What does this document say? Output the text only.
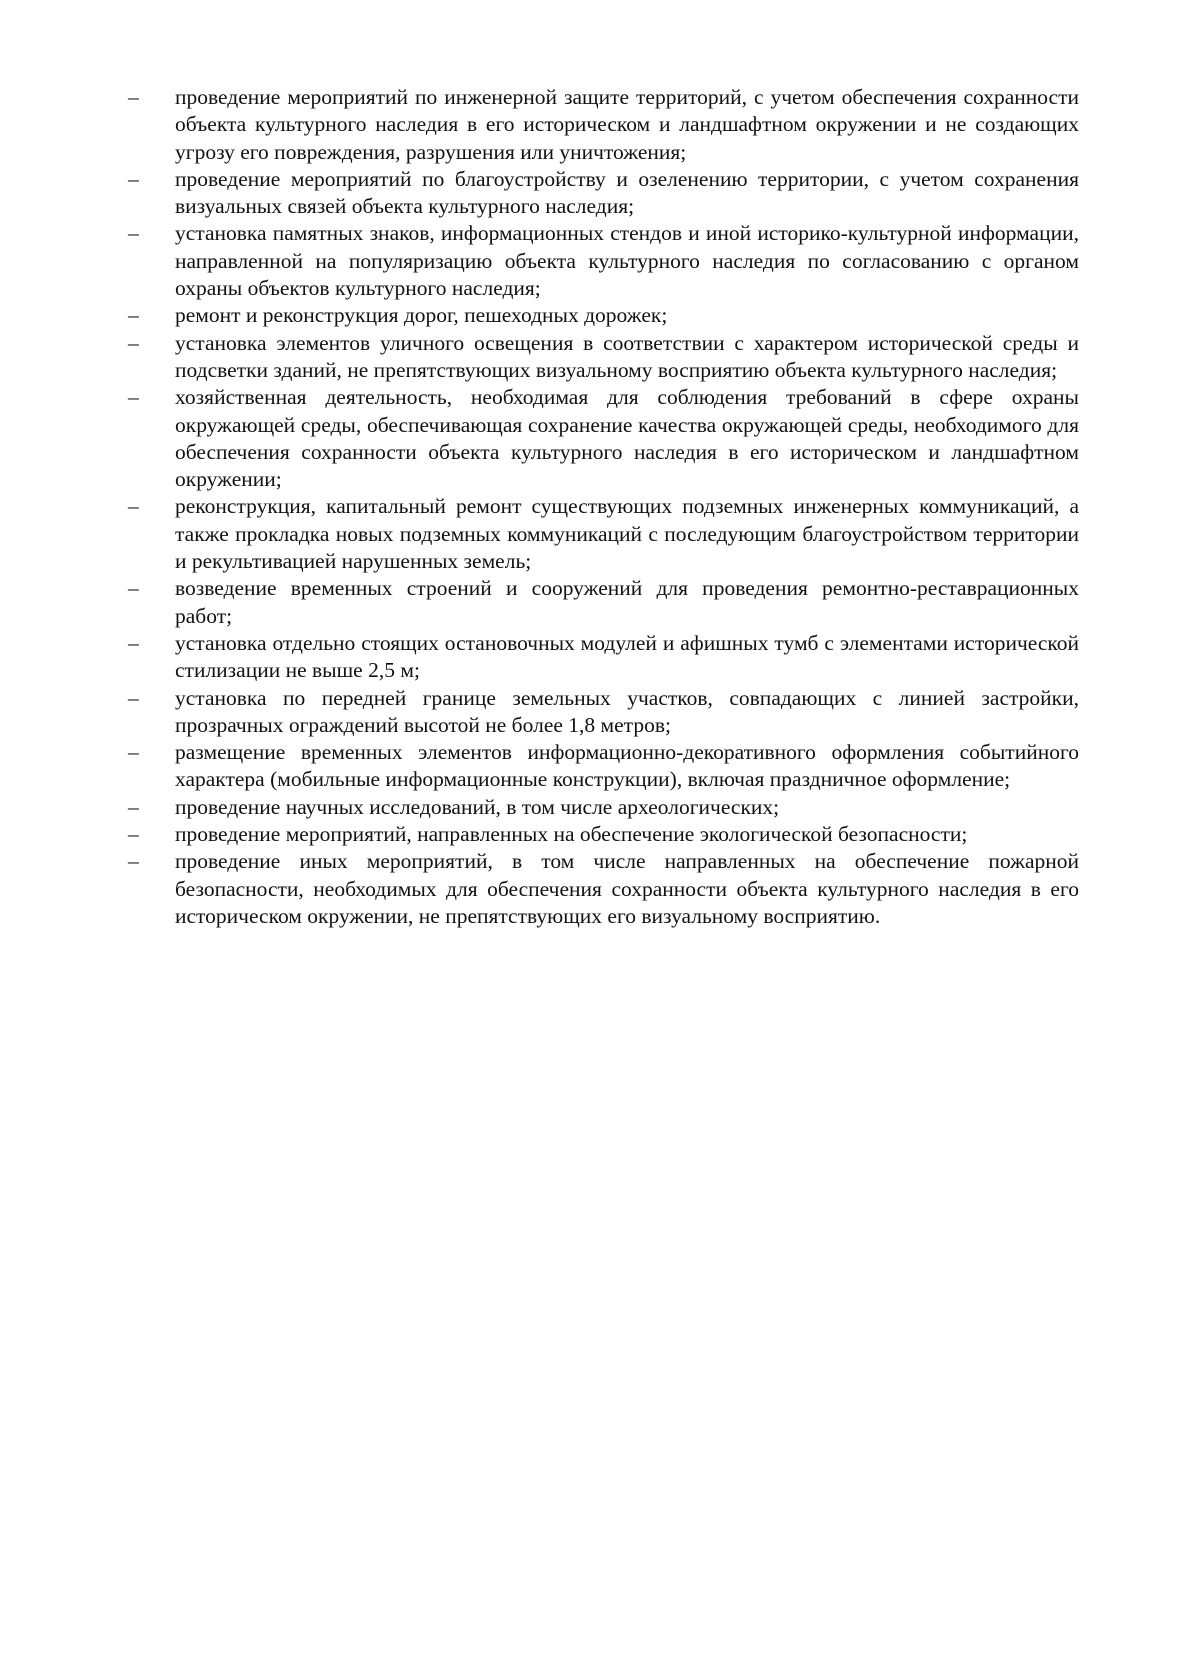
–	проведение мероприятий по инженерной защите территорий, с учетом обеспечения сохранности объекта культурного наследия в его историческом и ландшафтном окружении и не создающих угрозу его повреждения, разрушения или уничтожения;
–	проведение мероприятий по благоустройству и озеленению территории, с учетом сохранения визуальных связей объекта культурного наследия;
–	установка памятных знаков, информационных стендов и иной историко-культурной информации, направленной на популяризацию объекта культурного наследия по согласованию с органом охраны объектов культурного наследия;
–	ремонт и реконструкция дорог, пешеходных дорожек;
–	установка элементов уличного освещения в соответствии с характером исторической среды и подсветки зданий, не препятствующих визуальному восприятию объекта культурного наследия;
–	хозяйственная деятельность, необходимая для соблюдения требований в сфере охраны окружающей среды, обеспечивающая сохранение качества окружающей среды, необходимого для обеспечения сохранности объекта культурного наследия в его историческом и ландшафтном окружении;
–	реконструкция, капитальный ремонт существующих подземных инженерных коммуникаций, а также прокладка новых подземных коммуникаций с последующим благоустройством территории и рекультивацией нарушенных земель;
–	возведение временных строений и сооружений для проведения ремонтно-реставрационных работ;
–	установка отдельно стоящих остановочных модулей и афишных тумб с элементами исторической стилизации не выше 2,5 м;
–	установка по передней границе земельных участков, совпадающих с линией застройки, прозрачных ограждений высотой не более 1,8 метров;
–	размещение временных элементов информационно-декоративного оформления событийного характера (мобильные информационные конструкции), включая праздничное оформление;
–	проведение научных исследований, в том числе археологических;
–	проведение мероприятий, направленных на обеспечение экологической безопасности;
–	проведение иных мероприятий, в том числе направленных на обеспечение пожарной безопасности, необходимых для обеспечения сохранности объекта культурного наследия в его историческом окружении, не препятствующих его визуальному восприятию.
